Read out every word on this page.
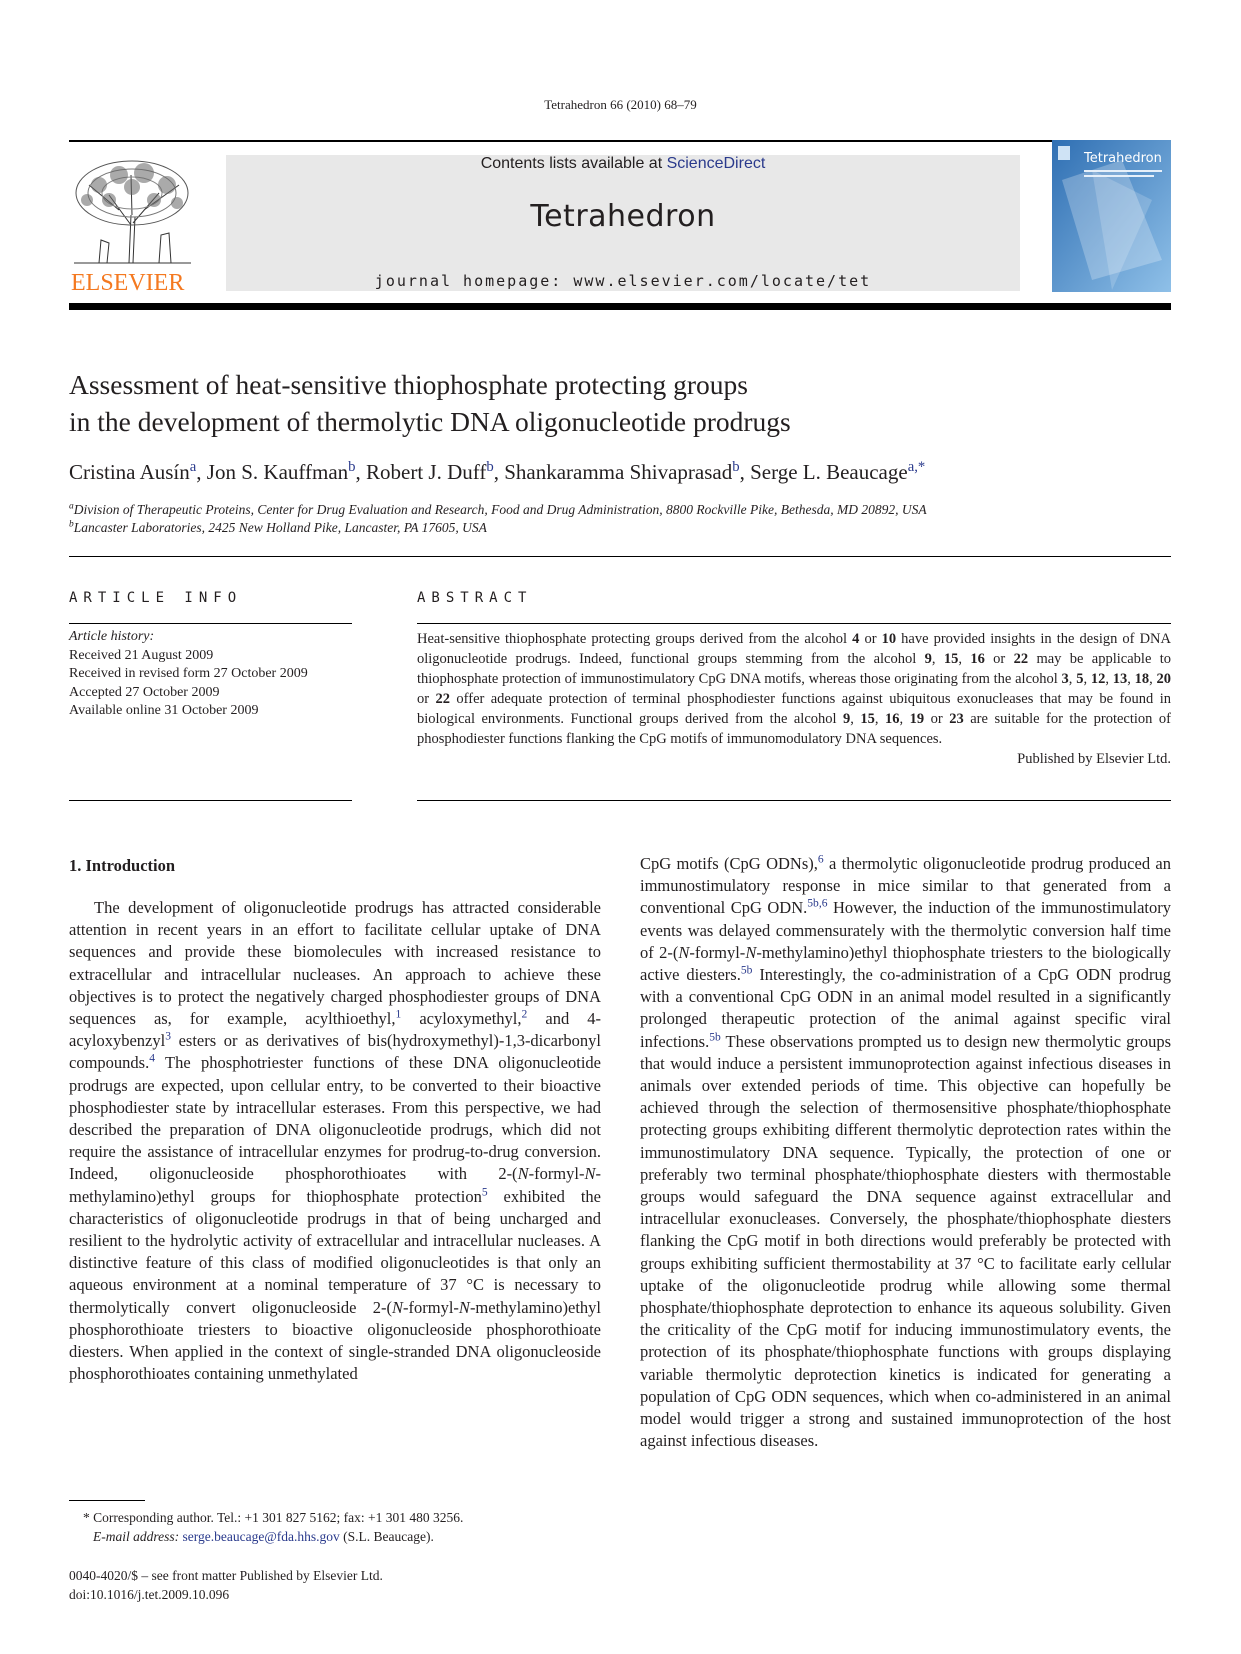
Tetrahedron 66 (2010) 68–79
ELSEVIER
Contents lists available at ScienceDirect
Tetrahedron
journal homepage: www.elsevier.com/locate/tet
Tetrahedron
Assessment of heat-sensitive thiophosphate protecting groups
in the development of thermolytic DNA oligonucleotide prodrugs
Cristina Ausín$^a$, Jon S. Kauffman$^b$, Robert J. Duff$^b$, Shankaramma Shivaprasad$^b$, Serge L. Beaucage$^{a,*}$
$^a$Division of Therapeutic Proteins, Center for Drug Evaluation and Research, Food and Drug Administration, 8800 Rockville Pike, Bethesda, MD 20892, USA
$^b$Lancaster Laboratories, 2425 New Holland Pike, Lancaster, PA 17605, USA
ARTICLE INFO
Article history:
Received 21 August 2009
Received in revised form 27 October 2009
Accepted 27 October 2009
Available online 31 October 2009
ABSTRACT
Heat-sensitive thiophosphate protecting groups derived from the alcohol 4 or 10 have provided insights in the design of DNA oligonucleotide prodrugs. Indeed, functional groups stemming from the alcohol 9, 15, 16 or 22 may be applicable to thiophosphate protection of immunostimulatory CpG DNA motifs, whereas those originating from the alcohol 3, 5, 12, 13, 18, 20 or 22 offer adequate protection of terminal phosphodiester functions against ubiquitous exonucleases that may be found in biological environments. Functional groups derived from the alcohol 9, 15, 16, 19 or 23 are suitable for the protection of phosphodiester functions flanking the CpG motifs of immunomodulatory DNA sequences.
Published by Elsevier Ltd.
1. Introduction

The development of oligonucleotide prodrugs has attracted considerable attention in recent years in an effort to facilitate cellular uptake of DNA sequences and provide these biomolecules with increased resistance to extracellular and intracellular nucleases. An approach to achieve these objectives is to protect the negatively charged phosphodiester groups of DNA sequences as, for example, acylthioethyl,$^1$ acyloxymethyl,$^2$ and 4-acyloxybenzyl$^3$ esters or as derivatives of bis(hydroxymethyl)-1,3-dicarbonyl compounds.$^4$ The phosphotriester functions of these DNA oligonucleotide prodrugs are expected, upon cellular entry, to be converted to their bioactive phosphodiester state by intracellular esterases. From this perspective, we had described the preparation of DNA oligonucleotide prodrugs, which did not require the assistance of intracellular enzymes for prodrug-to-drug conversion. Indeed, oligonucleoside phosphorothioates with 2-(N-formyl-N-methylamino)ethyl groups for thiophosphate protection$^5$ exhibited the characteristics of oligonucleotide prodrugs in that of being uncharged and resilient to the hydrolytic activity of extracellular and intracellular nucleases. A distinctive feature of this class of modified oligonucleotides is that only an aqueous environment at a nominal temperature of 37 °C is necessary to thermolytically convert oligonucleoside 2-(N-formyl-N-methylamino)ethyl phosphorothioate triesters to bioactive oligonucleoside phosphorothioate diesters. When applied in the context of single-stranded DNA oligonucleoside phosphorothioates containing unmethylated

CpG motifs (CpG ODNs),$^6$ a thermolytic oligonucleotide prodrug produced an immunostimulatory response in mice similar to that generated from a conventional CpG ODN.$^{5b,6}$ However, the induction of the immunostimulatory events was delayed commensurately with the thermolytic conversion half time of 2-(N-formyl-N-methylamino)ethyl thiophosphate triesters to the biologically active diesters.$^{5b}$ Interestingly, the co-administration of a CpG ODN prodrug with a conventional CpG ODN in an animal model resulted in a significantly prolonged therapeutic protection of the animal against specific viral infections.$^{5b}$ These observations prompted us to design new thermolytic groups that would induce a persistent immunoprotection against infectious diseases in animals over extended periods of time. This objective can hopefully be achieved through the selection of thermosensitive phosphate/thiophosphate protecting groups exhibiting different thermolytic deprotection rates within the immunostimulatory DNA sequence. Typically, the protection of one or preferably two terminal phosphate/thiophosphate diesters with thermostable groups would safeguard the DNA sequence against extracellular and intracellular exonucleases. Conversely, the phosphate/thiophosphate diesters flanking the CpG motif in both directions would preferably be protected with groups exhibiting sufficient thermostability at 37 °C to facilitate early cellular uptake of the oligonucleotide prodrug while allowing some thermal phosphate/thiophosphate deprotection to enhance its aqueous solubility. Given the criticality of the CpG motif for inducing immunostimulatory events, the protection of its phosphate/thiophosphate functions with groups displaying variable thermolytic deprotection kinetics is indicated for generating a population of CpG ODN sequences, which when co-administered in an animal model would trigger a strong and sustained immunoprotection of the host against infectious diseases.

* Corresponding author. Tel.: +1 301 827 5162; fax: +1 301 480 3256.
E-mail address: serge.beaucage@fda.hhs.gov (S.L. Beaucage).
0040-4020/$ – see front matter Published by Elsevier Ltd.
doi:10.1016/j.tet.2009.10.096
